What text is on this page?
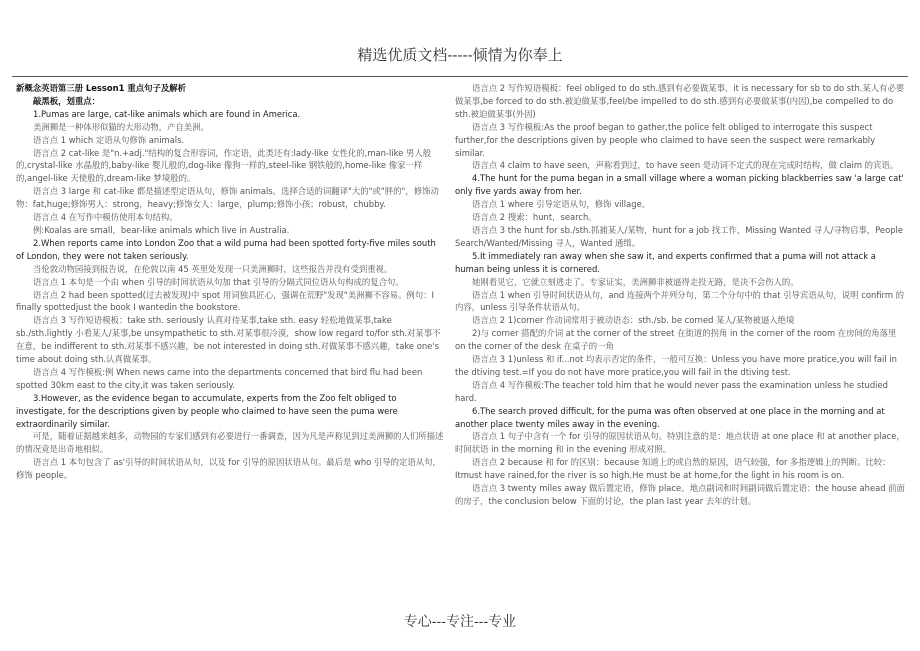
精选优质文档-----倾情为你奉上

新概念英语第三册 Lesson1 重点句子及解析

敲黑板，划重点：

1.Pumas are large, cat-like animals which are found in America.

美洲狮是一种体形似猫的大形动物，产自美洲。

语言点 1 which 定语从句修饰 animals.

语言点 2 cat-like 是"n.+adj."结构的复合形容词，作定语，此类还有:lady-like 女性化的,man-like 男人般的,crystal-like 水晶般的,baby-like 婴儿般的,dog-like 像狗一样的,steel-like 钢铁般的,home-like 像家一样的,angel-like 天使般的,dream-like 梦境般的。

语言点 3 large 和 cat-like 都是描述型定语从句，修饰 animals。选择合适的词翻译"大的"或"胖的"，修饰动物：fat,huge;修饰男人：strong，heavy;修饰女人：large，plump;修饰小孩；robust，chubby.

语言点 4 在写作中模仿使用本句结构。

例:Koalas are small，bear-like animals which live in Australia.

2.When reports came into London Zoo that a wild puma had been spotted forty-five miles south of London, they were not taken seriously.

当伦敦动物园接到报告说，在伦敦以南 45 英里处发现一只美洲狮时，这些报告并没有受到重视。

语言点 1 本句是一个由 when 引导的时间状语从句加 that 引导的分隔式同位语从句构成的复合句。

语言点 2 had been spotted(过去被发现)中 spot 用词独具匠心，强调在荒野"发现"美洲狮不容易。例句：I finally spottedjust the book I wantedin the bookstore.

语言点 3 写作短语模板：take sth. seriously 认真对待某事,take sth. easy 轻松地做某事,take sb./sth.lightly 小看某人/某事,be unsympathetic to sth.对某事很冷漠，show low regard to/for sth.对某事不在意，be indifferent to sth.对某事不感兴趣，be not interested in doing sth.对做某事不感兴趣，take one's time about doing sth.认真做某事。

语言点 4 写作模板:例 When news came into the departments concerned that bird flu had been spotted 30km east to the city,it was taken seriously.

3.However, as the evidence began to accumulate, experts from the Zoo felt obliged to investigate, for the descriptions given by people who claimed to have seen the puma were extraordinarily similar.

可是，随着证据越来越多，动物园的专家们感到有必要进行一番调查，因为凡是声称见到过美洲狮的人们所描述的情况竟是出奇地相似。

语言点 1 本句包含了 as'引导的时间状语从句，以及 for 引导的原因状语从句。最后是 who 引导的定语从句，修饰 people。

语言点 2 写作短语模板：feel obliged to do sth.感到有必要做某事，it is necessary for sb to do sth.某人有必要做某事,be forced to do sth.被迫做某事,feel/be impelled to do sth.感到有必要做某事(内因),be compelled to do sth.被迫做某事(外因)

语言点 3 写作模板:As the proof began to gather,the police felt obliged to interrogate this suspect further,for the descriptions given by people who claimed to have seen the suspect were remarkably similar.

语言点 4 claim to have seen，声称看到过，to have seen 是动词不定式的现在完成时结构，做 claim 的宾语。

4.The hunt for the puma began in a small village where a woman picking blackberries saw 'a large cat' only five yards away from her.

语言点 1 where 引导定语从句，修饰 village。

语言点 2 搜索：hunt，search。

语言点 3 the hunt for sb./sth.抓捕某人/某物，hunt for a job 找工作，Missing Wanted 寻人/寻物启事，People Search/Wanted/Missing 寻人，Wanted 通缉。

5.It immediately ran away when she saw it, and experts confirmed that a puma will not attack a human being unless it is cornered.

她刚看见它，它就立刻逃走了。专家证实，美洲狮非被逼得走投无路，是决不会伤人的。

语言点 1 when 引导时间状语从句，and 连接两个并列分句，第二个分句中的 that 引导宾语从句，说明 confirm 的内容，unless 引导条件状语从句。

语言点 2 1)corner 作动词常用于被动语态：sth./sb. be corned 某人/某物被逼入绝境

2)与 corner 搭配的介词 at the corner of the street 在街道的拐角 in the corner of the room 在房间的角落里 on the corner of the desk 在桌子的一角

语言点 3 1)unless 和 if...not 均表示否定的条件，一般可互换：Unless you have more pratice,you will fail in the dtiving test.=If you do not have more pratice,you will fail in the dtiving test.

语言点 4 写作模板:The teacher told him that he would never pass the examination unless he studied hard.

6.The search proved difficult, for the puma was often observed at one place in the morning and at another place twenty miles away in the evening.

语言点 1 句子中含有一个 for 引导的原因状语从句。特别注意的是：地点状语 at one place 和 at another place，时间状语 in the morning 和 in the evening 形成对照。

语言点 2 because 和 for 的区别：because 知道上的或自然的原因，语气较强，for 多指逻辑上的判断。比较：Itmust have rained,for the river is so high.He must be at home,for the light in his room is on.

语言点 3 twenty miles away 做后置定语，修饰 place。地点副词和时间副词做后置定语：the house ahead 前面的房子，the conclusion below 下面的讨论，the plan last year 去年的计划。

专心---专注---专业
